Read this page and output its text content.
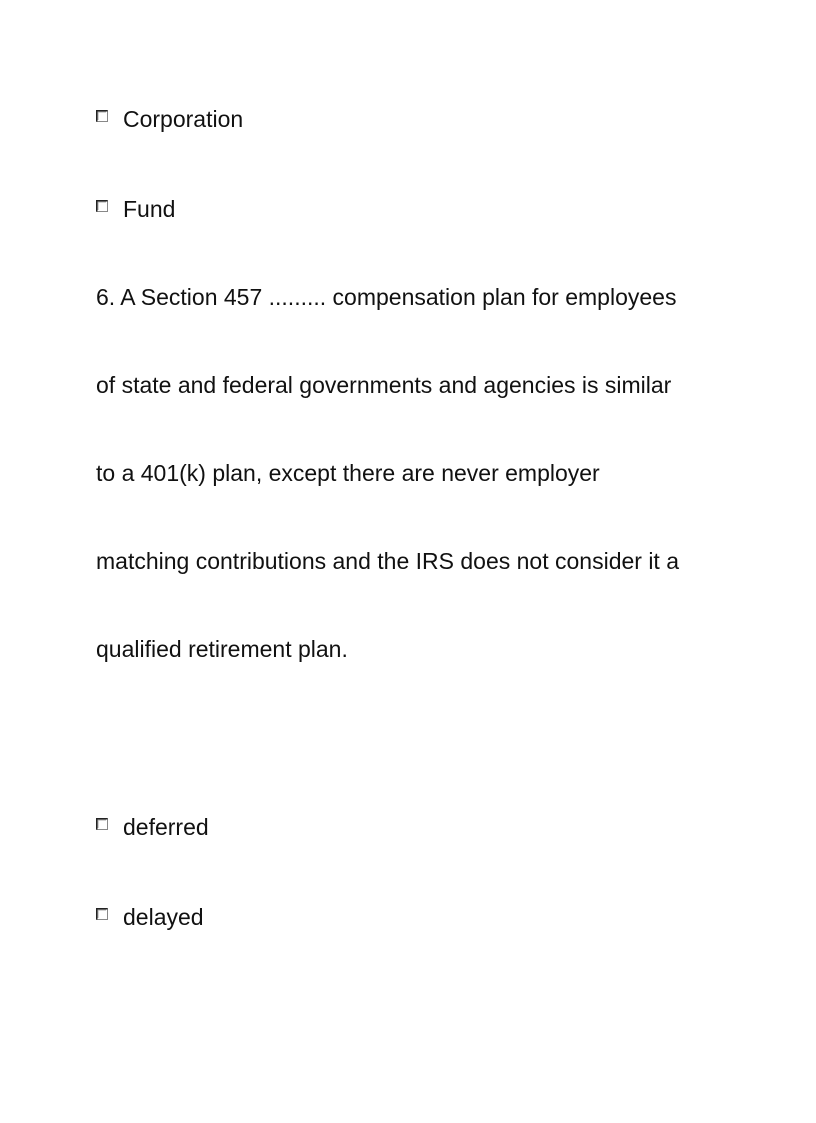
Corporation
Fund
6. A Section 457 ......... compensation plan for employees
of state and federal governments and agencies is similar
to a 401(k) plan, except there are never employer
matching contributions and the IRS does not consider it a
qualified retirement plan.
deferred
delayed
